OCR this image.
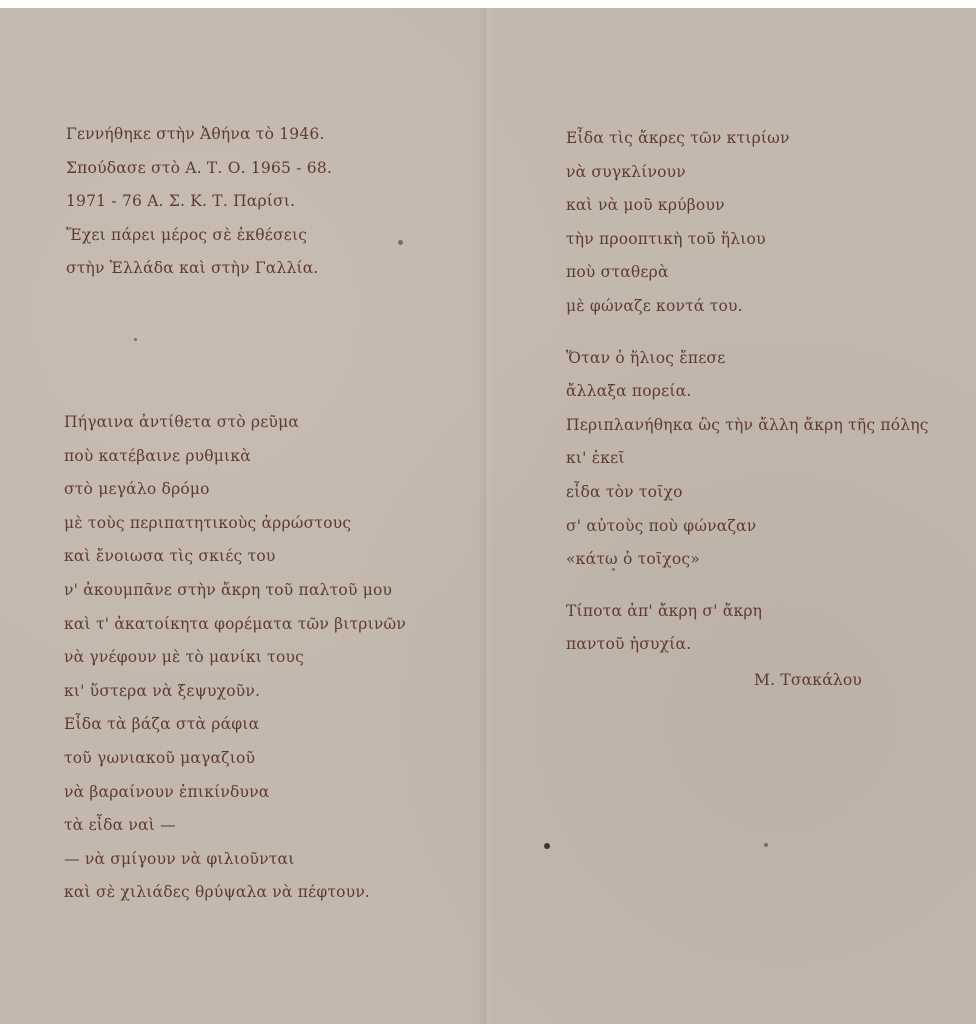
Γεννήθηκε στὴν Ἀθήνα τὸ 1946.
Σπούδασε στὸ Α. Τ. Ο. 1965 - 68.
1971 - 76 Α. Σ. Κ. Τ. Παρίσι.
Ἔχει πάρει μέρος σὲ ἐκθέσεις
στὴν Ἑλλάδα καὶ στὴν Γαλλία.
Πήγαινα ἀντίθετα στὸ ρεῦμα
ποὺ κατέβαινε ρυθμικὰ
στὸ μεγάλο δρόμο
μὲ τοὺς περιπατητικοὺς ἀρρώστους
καὶ ἔνοιωσα τὶς σκιές του
ν' ἀκουμπᾶνε στὴν ἄκρη τοῦ παλτοῦ μου
καὶ τ' ἀκατοίκητα φορέματα τῶν βιτρινῶν
νὰ γνέφουν μὲ τὸ μανίκι τους
κι' ὕστερα νὰ ξεψυχοῦν.
Εἶδα τὰ βάζα στὰ ράφια
τοῦ γωνιακοῦ μαγαζιοῦ
νὰ βαραίνουν ἐπικίνδυνα
τὰ εἶδα ναὶ —
— νὰ σμίγουν νὰ φιλιοῦνται
καὶ σὲ χιλιάδες θρύψαλα νὰ πέφτουν.
Εἶδα τὶς ἄκρες τῶν κτιρίων
νὰ συγκλίνουν
καὶ νὰ μοῦ κρύβουν
τὴν προοπτικὴ τοῦ ἥλιου
ποὺ σταθερὰ
μὲ φώναζε κοντά του.
Ὅταν ὁ ἥλιος ἔπεσε
ἄλλαξα πορεία.
Περιπλανήθηκα ὣς τὴν ἄλλη ἄκρη τῆς πόλης
κι' ἐκεῖ
εἶδα τὸν τοῖχο
σ' αὐτοὺς ποὺ φώναζαν
«κάτω ὁ τοῖχος»
Τίποτα ἀπ' ἄκρη σ' ἄκρη
παντοῦ ἡσυχία.
Μ. Τσακάλου
